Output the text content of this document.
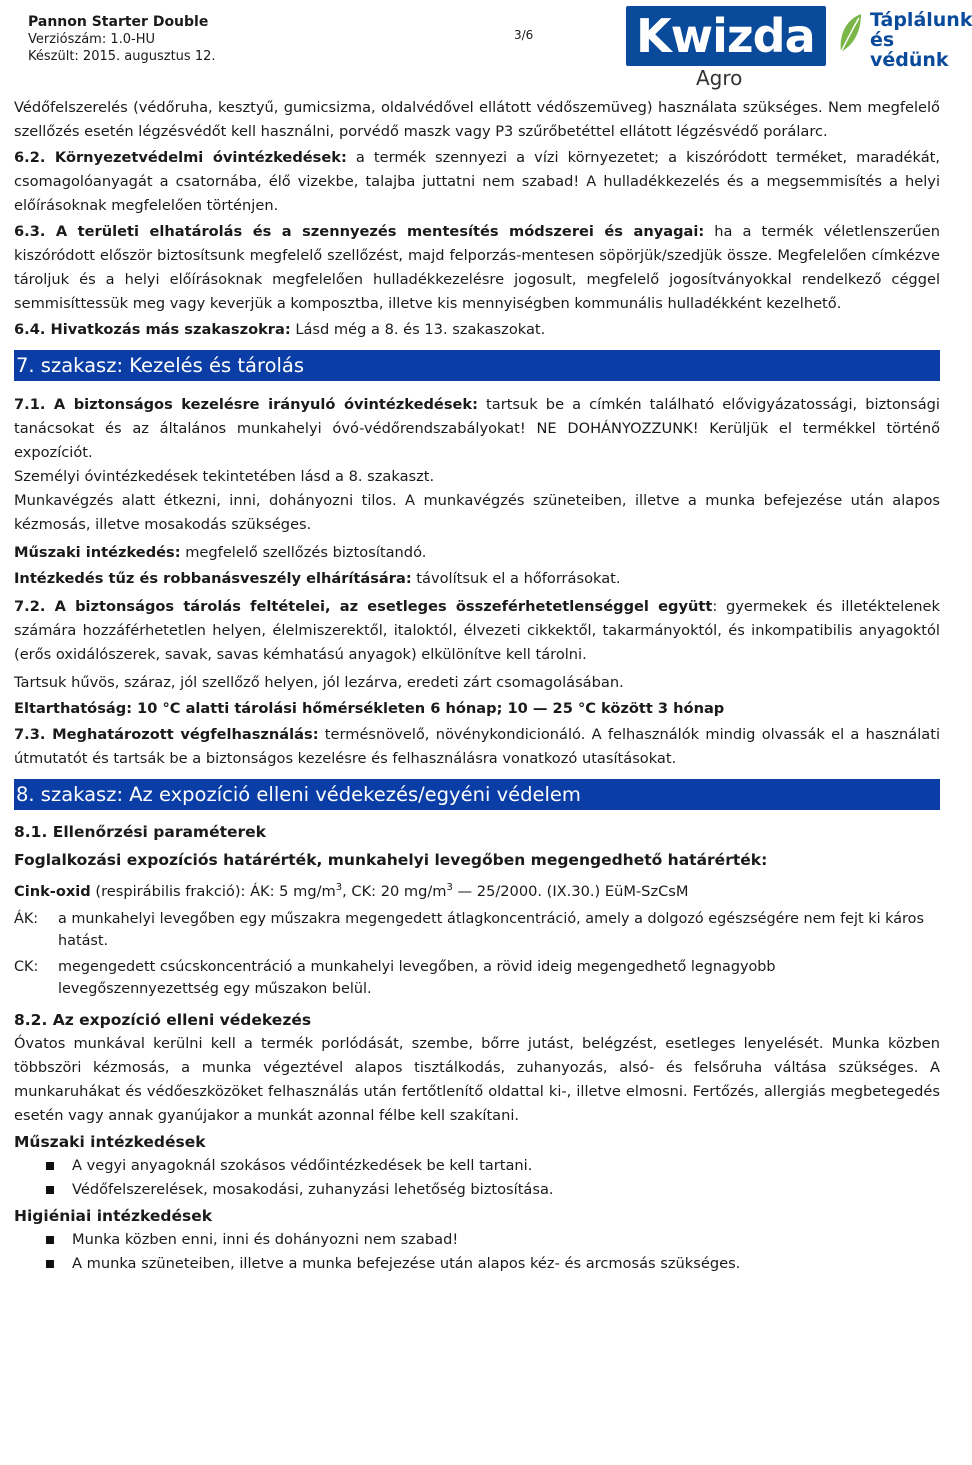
Pannon Starter Double
Verziószám: 1.0-HU
Készült: 2015. augusztus 12.
3/6 Kwizda
Agro
Táplálunk
és védünk

Védőfelszerelés (védőruha, kesztyű, gumicsizma, oldalvédővel ellátott védőszemüveg) használata szükséges. Nem megfelelő szellőzés esetén légzésvédőt kell használni, porvédő maszk vagy P3 szűrőbetéttel ellátott légzésvédő porálarc.

6.2. Környezetvédelmi óvintézkedések: a termék szennyezi a vízi környezetet; a kiszóródott terméket, maradékát, csomagolóanyagát a csatornába, élő vizekbe, talajba juttatni nem szabad! A hulladékkezelés és a megsemmisítés a helyi előírásoknak megfelelően történjen.

6.3. A területi elhatárolás és a szennyezés mentesítés módszerei és anyagai: ha a termék véletlenszerűen kiszóródott először biztosítsunk megfelelő szellőzést, majd felporzás-mentesen söpörjük/szedjük össze. Megfelelően címkézve tároljuk és a helyi előírásoknak megfelelően hulladékkezelésre jogosult, megfelelő jogosítványokkal rendelkező céggel semmisíttessük meg vagy keverjük a komposztba, illetve kis mennyiségben kommunális hulladékként kezelhető.

6.4. Hivatkozás más szakaszokra: Lásd még a 8. és 13. szakaszokat.

7. szakasz: Kezelés és tárolás

7.1. A biztonságos kezelésre irányuló óvintézkedések: tartsuk be a címkén található elővigyázatossági, biztonsági tanácsokat és az általános munkahelyi óvó-védőrendszabályokat! NE DOHÁNYOZZUNK! Kerüljük el termékkel történő expozíciót.

Személyi óvintézkedések tekintetében lásd a 8. szakaszt.

Munkavégzés alatt étkezni, inni, dohányozni tilos. A munkavégzés szüneteiben, illetve a munka befejezése után alapos kézmosás, illetve mosakodás szükséges.

Műszaki intézkedés: megfelelő szellőzés biztosítandó.

Intézkedés tűz és robbanásveszély elhárítására: távolítsuk el a hőforrásokat.

7.2. A biztonságos tárolás feltételei, az esetleges összeférhetetlenséggel együtt: gyermekek és illetéktelenek számára hozzáférhetetlen helyen, élelmiszerektől, italoktól, élvezeti cikkektől, takarmányoktól, és inkompatibilis anyagoktól (erős oxidálószerek, savak, savas kémhatású anyagok) elkülönítve kell tárolni.

Tartsuk hűvös, száraz, jól szellőző helyen, jól lezárva, eredeti zárt csomagolásában.

Eltarthatóság: 10 °C alatti tárolási hőmérsékleten 6 hónap; 10 — 25 °C között 3 hónap

7.3. Meghatározott végfelhasználás: termésnövelő, növénykondicionáló. A felhasználók mindig olvassák el a használati útmutatót és tartsák be a biztonságos kezelésre és felhasználásra vonatkozó utasításokat.

8. szakasz: Az expozíció elleni védekezés/egyéni védelem

8.1. Ellenőrzési paraméterek

Foglalkozási expozíciós határérték, munkahelyi levegőben megengedhető határérték:

Cink-oxid (respirábilis frakció): ÁK: 5 $mg/m^3$, CK: 20 $mg/m^3$ — 25/2000. (IX.30.) EüM-SzCsM

ÁK:	a munkahelyi levegőben egy műszakra megengedett átlagkoncentráció, amely a dolgozó egészségére nem fejt ki káros hatást.
CK:	megengedett csúcskoncentráció a munkahelyi levegőben, a rövid ideig megengedhető legnagyobb levegőszennyezettség egy műszakon belül.

8.2. Az expozíció elleni védekezés

Óvatos munkával kerülni kell a termék porlódását, szembe, bőrre jutást, belégzést, esetleges lenyelését. Munka közben többszöri kézmosás, a munka végeztével alapos tisztálkodás, zuhanyozás, alsó- és felsőruha váltása szükséges. A munkaruhákat és védőeszközöket felhasználás után fertőtlenítő oldattal ki-, illetve elmosni. Fertőzés, allergiás megbetegedés esetén vagy annak gyanújakor a munkát azonnal félbe kell szakítani.

Műszaki intézkedések

A vegyi anyagoknál szokásos védőintézkedések be kell tartani.
Védőfelszerelések, mosakodási, zuhanyzási lehetőség biztosítása.

Higiéniai intézkedések

Munka közben enni, inni és dohányozni nem szabad!
A munka szüneteiben, illetve a munka befejezése után alapos kéz- és arcmosás szükséges.
